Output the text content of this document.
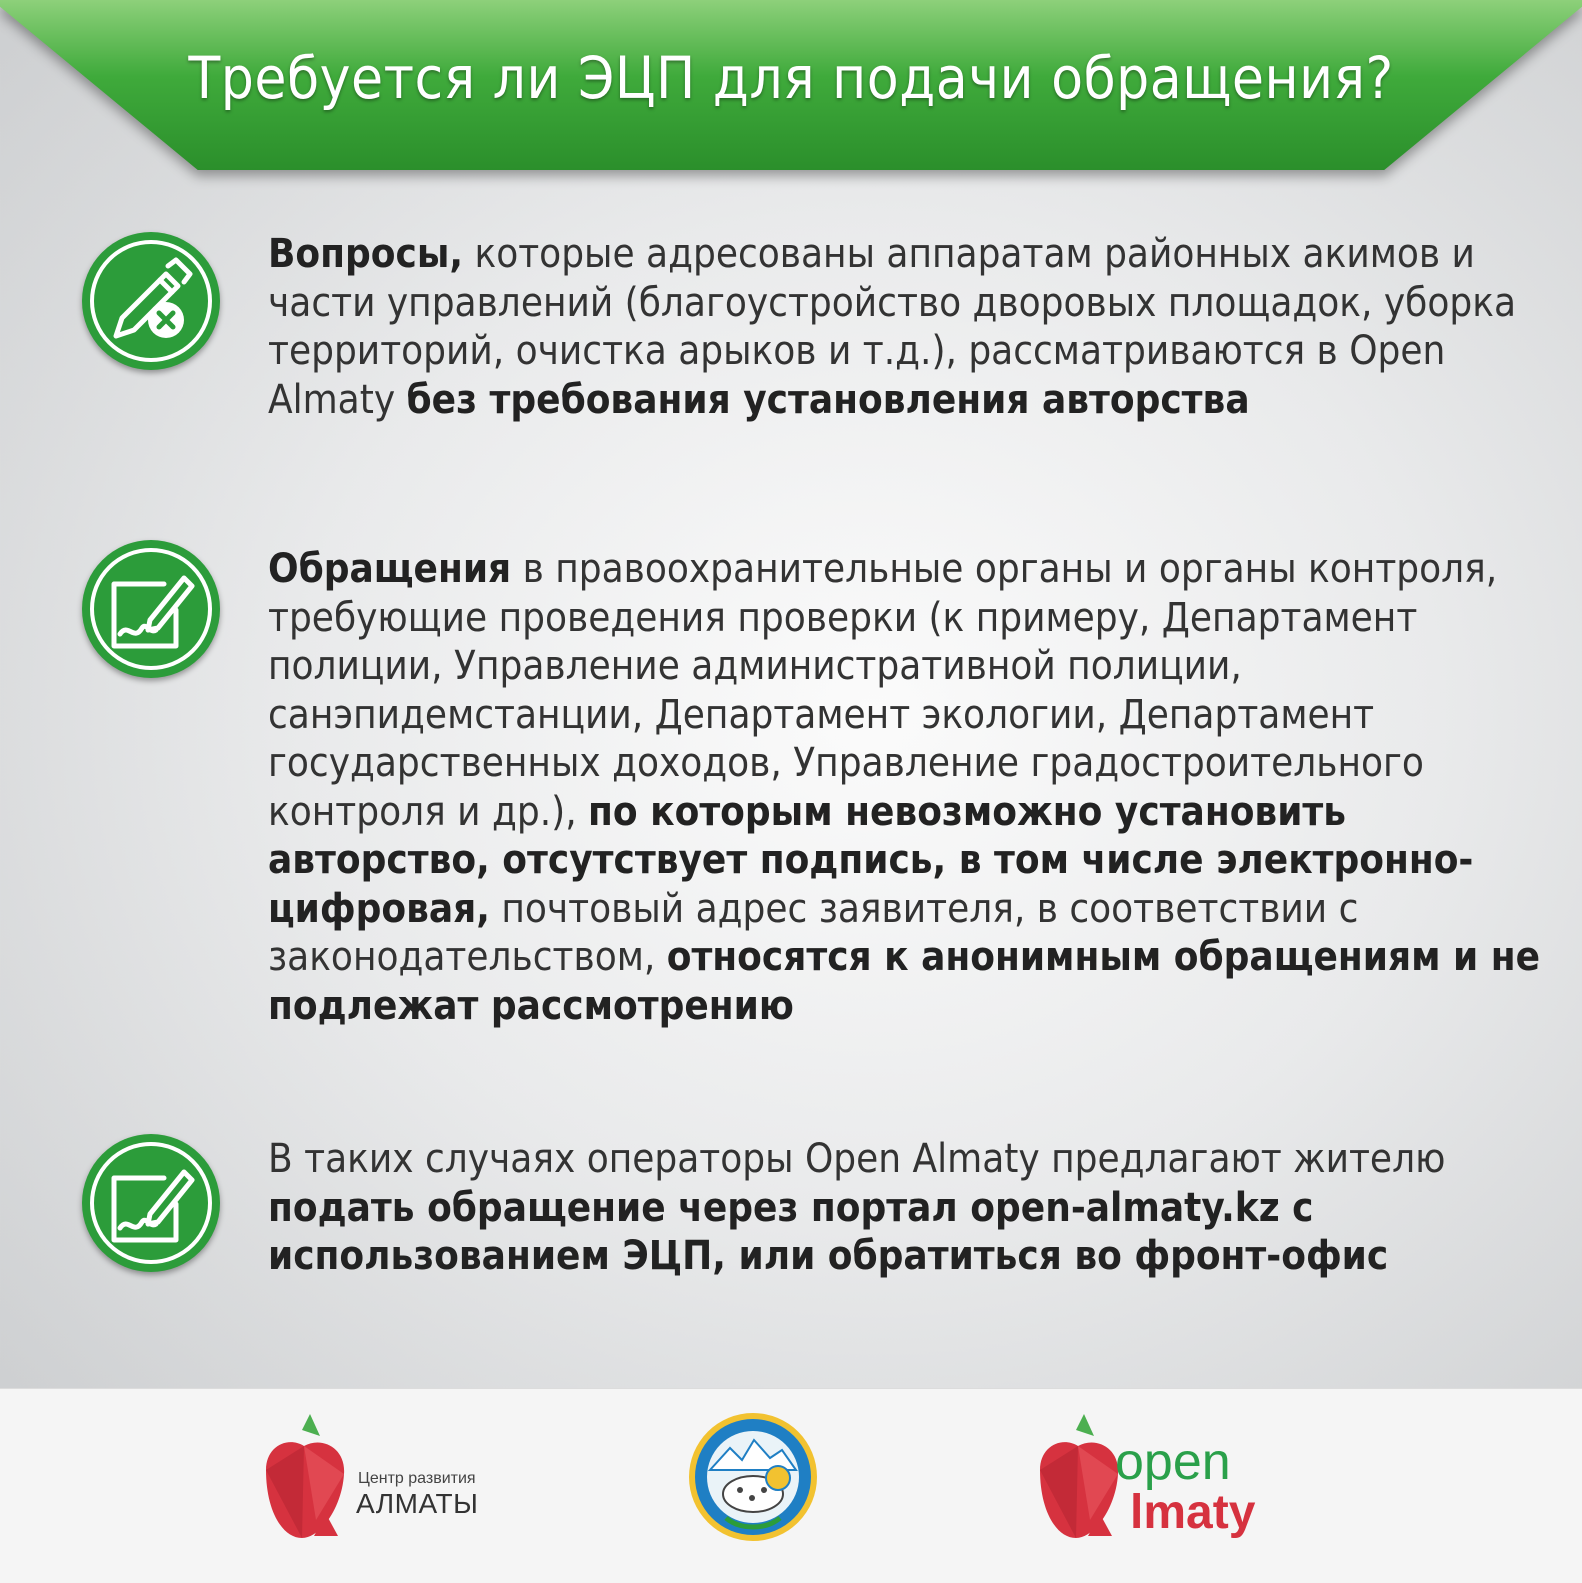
Требуется ли ЭЦП для подачи обращения?
Вопросы, которые адресованы аппаратам районных акимов и части управлений (благоустройство дворовых площадок, уборка территорий, очистка арыков и т.д.), рассматриваются в Open Almaty без требования установления авторства
Обращения в правоохранительные органы и органы контроля, требующие проведения проверки (к примеру, Департамент полиции, Управление административной полиции, санэпидемстанции, Департамент экологии, Департамент государственных доходов, Управление градостроительного контроля и др.), по которым невозможно установить авторство, отсутствует подпись, в том числе электронно-цифровая, почтовый адрес заявителя, в соответствии с законодательством, относятся к анонимным обращениям и не подлежат рассмотрению
В таких случаях операторы Open Almaty предлагают жителю подать обращение через портал open-almaty.kz с использованием ЭЦП, или обратиться во фронт-офис
Центр развития
АЛМАТЫ
open
lmaty
